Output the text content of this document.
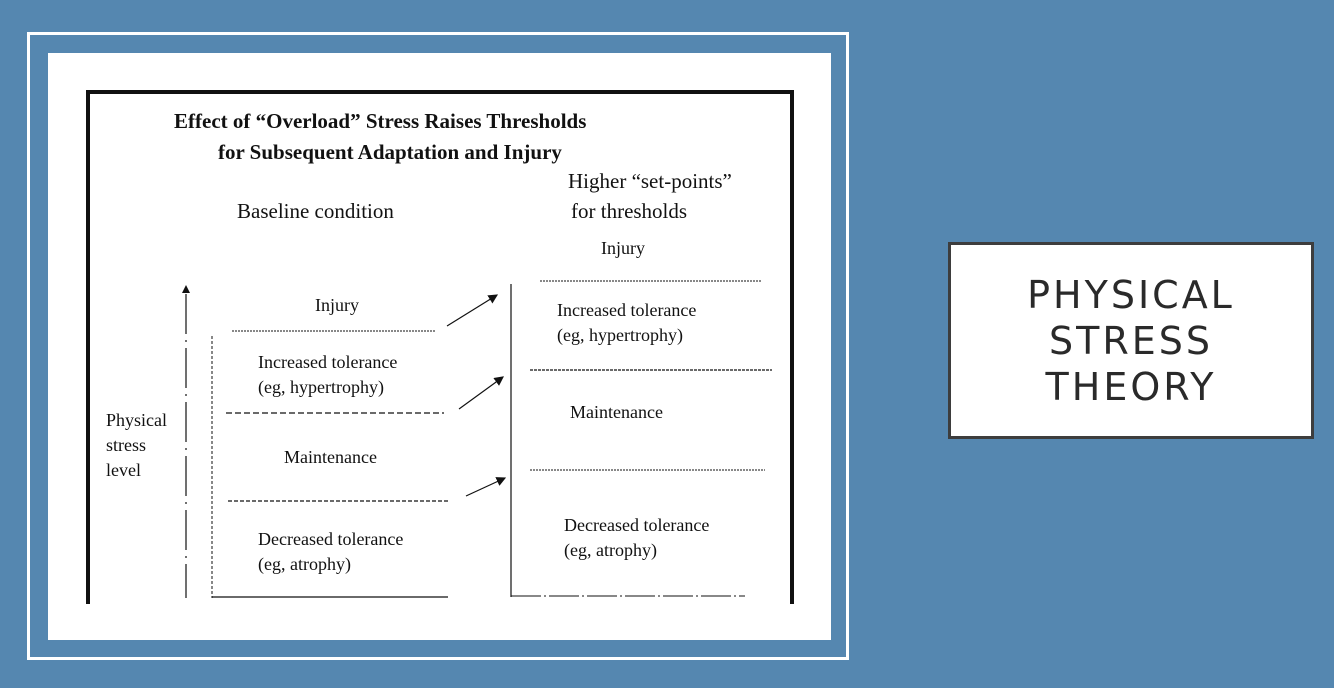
Effect of “Overload” Stress Raises Thresholds
for Subsequent Adaptation and Injury
Baseline condition
Higher “set-points”
for thresholds
Physical
stress
level
Injury
Increased tolerance
(eg, hypertrophy)
Maintenance
Decreased tolerance
(eg, atrophy)
Injury
Increased tolerance
(eg, hypertrophy)
Maintenance
Decreased tolerance
(eg, atrophy)
PHYSICAL
STRESS
THEORY
